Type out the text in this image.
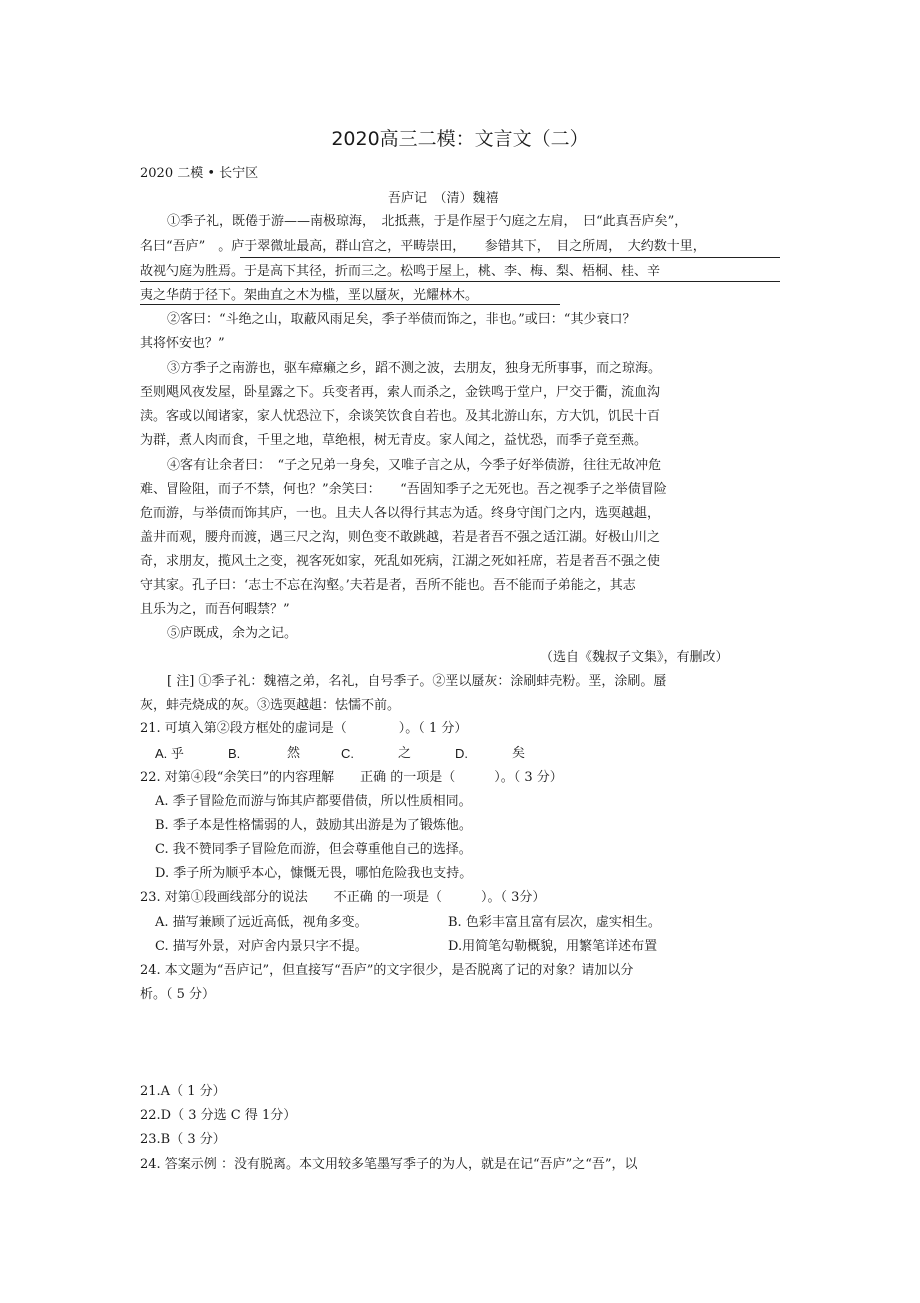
2020高三二模：文言文（二）
2020 二模 • 长宁区
吾庐记　（清）魏禧
①季子礼，既倦于游——南极琼海，　北抵燕，于是作屋于勺庭之左肩，　曰“此真吾庐矣”，
名曰“吾庐”　。庐于翠微址最高，群山宫之，平畴崇田，　　参错其下，　目之所周，　大约数十里，
故视勺庭为胜焉。于是高下其径，折而三之。松鸣于屋上，桃、李、梅、梨、梧桐、桂、辛
夷之华荫于径下。架曲直之木为槛，垩以蜃灰，光耀林木。
②客曰：“斗绝之山，取蔽风雨足矣，季子举债而饰之，非也。”或曰：“其少衰口？
其将怀安也？”
③方季子之南游也，驱车瘴癞之乡，蹈不测之波，去朋友，独身无所事事，而之琼海。
至则飓风夜发屋，卧星露之下。兵变者再，索人而杀之，金铁鸣于堂户，尸交于衢，流血沟
渎。客或以闻诸家，家人忧恐泣下，余谈笑饮食自若也。及其北游山东，方大饥，饥民十百
为群，煮人肉而食，千里之地，草绝根，树无青皮。家人闻之，益忧恐，而季子竟至燕。
④客有让余者曰：　“子之兄弟一身矣，又唯子言之从，今季子好举债游，往往无故冲危
难、冒险阻，而子不禁，何也？”余笑曰：　　“吾固知季子之无死也。吾之视季子之举债冒险
危而游，与举债而饰其庐，一也。且夫人各以得行其志为适。终身守闺门之内，选耎越趄，
盖井而观，腰舟而渡，遇三尺之沟，则色变不敢跳越，若是者吾不强之适江湖。好极山川之
奇，求朋友，揽风土之变，视客死如家，死乱如死病，江湖之死如衽席，若是者吾不强之使
守其家。孔子曰：‘志士不忘在沟壑。’夫若是者，吾所不能也。吾不能而子弟能之，其志
且乐为之，而吾何暇禁？”
⑤庐既成，余为之记。
（选自《魏叔子文集》，有删改）
[ 注] ①季子礼：魏禧之弟，名礼，自号季子。②垩以蜃灰：涂刷蚌壳粉。垩，涂刷。蜃
灰，蚌壳烧成的灰。③选耎越趄：怯懦不前。
21. 可填入第②段方框处的虚词是（　　　　）。（ 1 分）
A. 乎	B.	然	C.	之	D.	矣
22. 对第④段“余笑曰”的内容理解　　正确 的一项是（　　　）。（ 3 分）
A. 季子冒险危而游与饰其庐都要借债，所以性质相同。
B. 季子本是性格懦弱的人，鼓励其出游是为了锻炼他。
C. 我不赞同季子冒险危而游，但会尊重他自己的选择。
D. 季子所为顺乎本心，慷慨无畏，哪怕危险我也支持。
23. 对第①段画线部分的说法　　不正确 的一项是（　　　）。（ 3分）
A. 描写兼顾了远近高低，视角多变。	B. 色彩丰富且富有层次，虚实相生。
C. 描写外景，对庐舍内景只字不提。	D.用简笔勾勒概貌，用繁笔详述布置
24. 本文题为“吾庐记”，但直接写“吾庐”的文字很少，是否脱离了记的对象？请加以分
析。（ 5 分）
21.A（ 1 分）
22.D（ 3 分选 C 得 1分）
23.B（ 3 分）
24. 答案示例 ：没有脱离。本文用较多笔墨写季子的为人，就是在记“吾庐”之“吾”，以
